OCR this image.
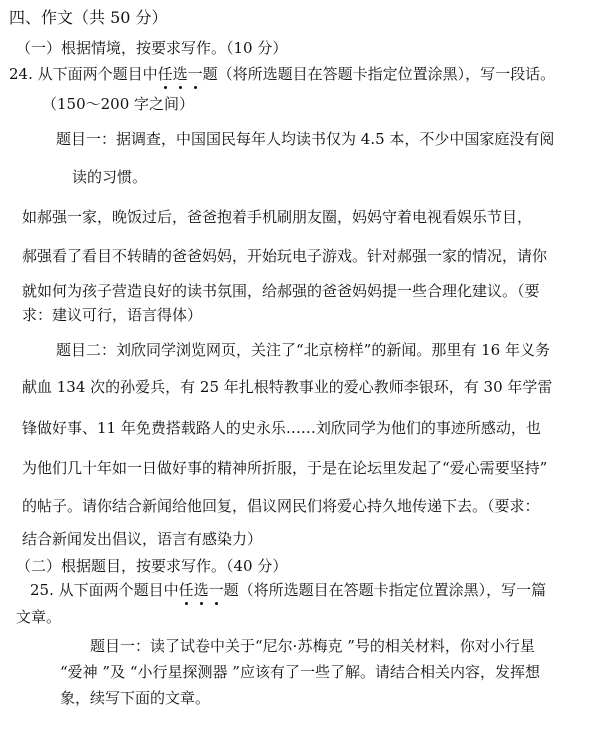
四、作文（共 50 分）
（一）根据情境，按要求写作。（10 分）
24. 从下面两个题目中任选一题（将所选题目在答题卡指定位置涂黑），写一段话。
（150～200 字之间）
题目一：据调查，中国国民每年人均读书仅为 4.5 本，不少中国家庭没有阅
读的习惯。
如郝强一家，晚饭过后，爸爸抱着手机刷朋友圈，妈妈守着电视看娱乐节目，
郝强看了看目不转睛的爸爸妈妈，开始玩电子游戏。针对郝强一家的情况，请你
就如何为孩子营造良好的读书氛围，给郝强的爸爸妈妈提一些合理化建议。（要
求：建议可行，语言得体）
题目二：刘欣同学浏览网页，关注了“北京榜样”的新闻。那里有 16 年义务
献血 134 次的孙爱兵，有 25 年扎根特教事业的爱心教师李银环，有 30 年学雷
锋做好事、11 年免费搭载路人的史永乐……刘欣同学为他们的事迹所感动，也
为他们几十年如一日做好事的精神所折服，于是在论坛里发起了“爱心需要坚持”
的帖子。请你结合新闻给他回复，倡议网民们将爱心持久地传递下去。（要求：
结合新闻发出倡议，语言有感染力）
（二）根据题目，按要求写作。（40 分）
25. 从下面两个题目中任选一题（将所选题目在答题卡指定位置涂黑），写一篇
文章。
题目一：读了试卷中关于“尼尔·苏梅克 ”号的相关材料，你对小行星
“爱神 ”及 “小行星探测器 ”应该有了一些了解。请结合相关内容，发挥想
象，续写下面的文章。
